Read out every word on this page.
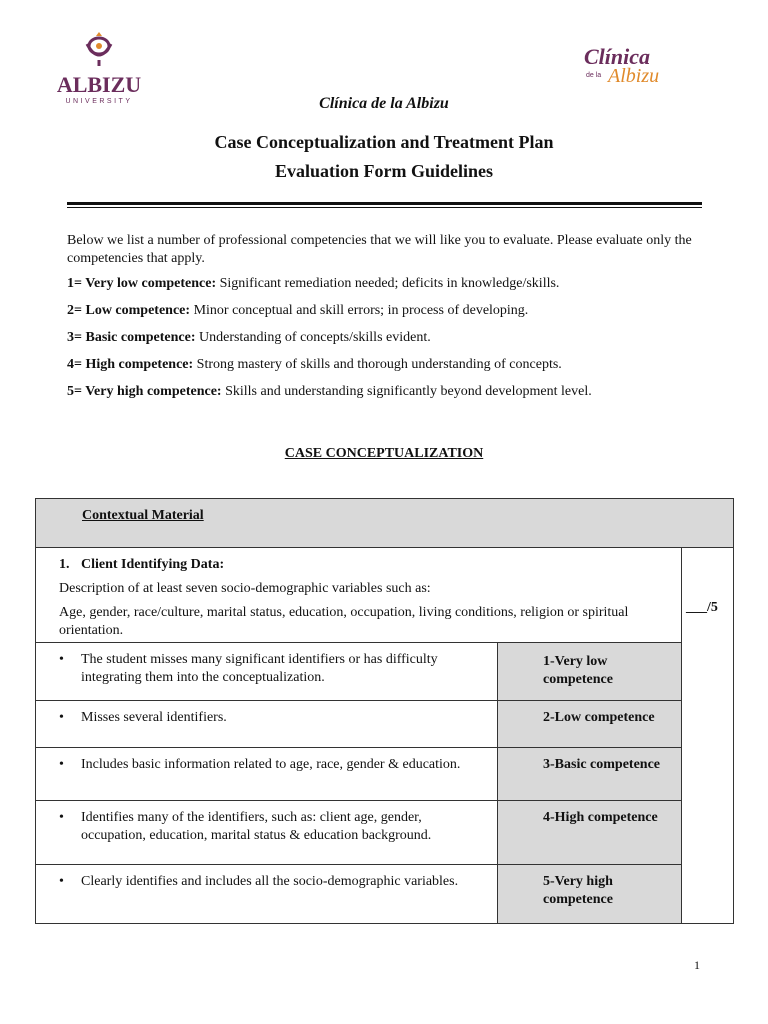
ALBIZU
UNIVERSITY
Clínica
de la Albizu
Clínica de la Albizu
Case Conceptualization and Treatment Plan
Evaluation Form Guidelines
Below we list a number of professional competencies that we will like you to evaluate. Please evaluate only the competencies that apply.
1= Very low competence: Significant remediation needed; deficits in knowledge/skills.
2= Low competence: Minor conceptual and skill errors; in process of developing.
3= Basic competence: Understanding of concepts/skills evident.
4= High competence: Strong mastery of skills and thorough understanding of concepts.
5= Very high competence: Skills and understanding significantly beyond development level.
CASE CONCEPTUALIZATION
Contextual Material		

1. Client Identifying Data:
Description of at least seven socio-demographic variables such as:
Age, gender, race/culture, marital status, education, occupation, living conditions, religion or spiritual orientation.		___/5

• The student misses many significant identifiers or has difficulty integrating them into the conceptualization.	1-Very low competence	

• Misses several identifiers.	2-Low competence	

• Includes basic information related to age, race, gender & education.	3-Basic competence	

• Identifies many of the identifiers, such as: client age, gender, occupation, education, marital status & education background.	4-High competence	

• Clearly identifies and includes all the socio-demographic variables.	5-Very high competence	
1
